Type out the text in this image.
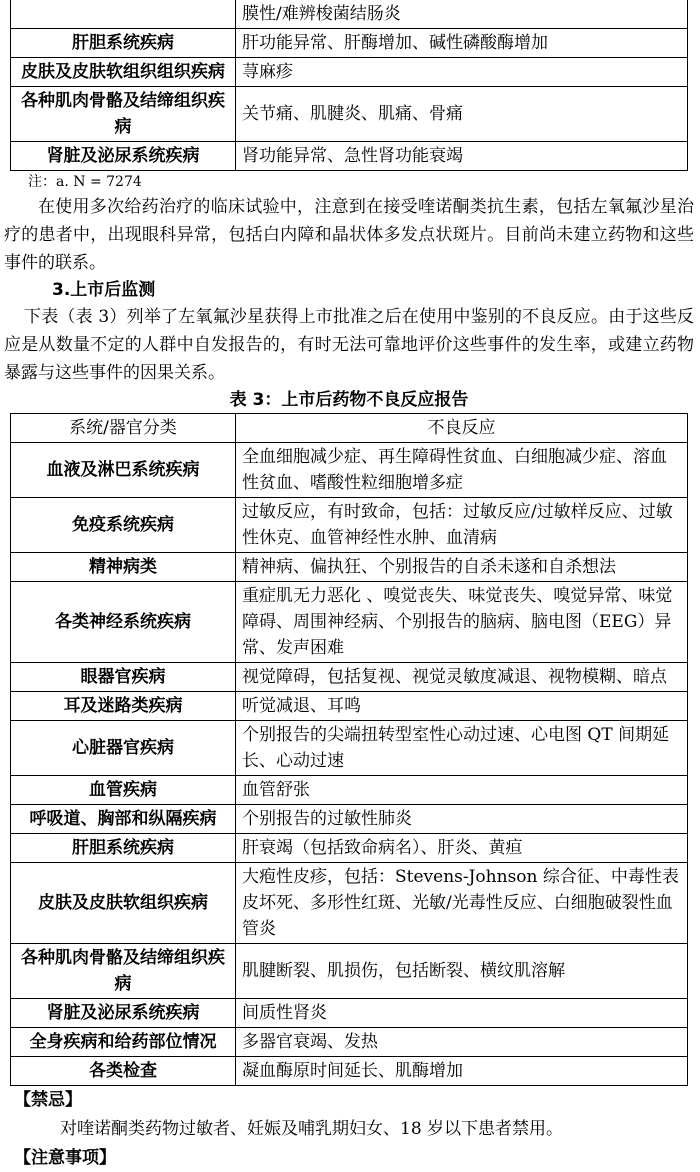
	膜性/难辨梭菌结肠炎
肝胆系统疾病	肝功能异常、肝酶增加、碱性磷酸酶增加
皮肤及皮肤软组织组织疾病	荨麻疹
各种肌肉骨骼及结缔组织疾病	关节痛、肌腱炎、肌痛、骨痛
肾脏及泌尿系统疾病	肾功能异常、急性肾功能衰竭

注：a. N = 7274

在使用多次给药治疗的临床试验中，注意到在接受喹诺酮类抗生素，包括左氧氟沙星治疗的患者中，出现眼科异常，包括白内障和晶状体多发点状斑片。目前尚未建立药物和这些事件的联系。

3.上市后监测

下表（表 3）列举了左氧氟沙星获得上市批准之后在使用中鉴别的不良反应。由于这些反应是从数量不定的人群中自发报告的，有时无法可靠地评价这些事件的发生率，或建立药物暴露与这些事件的因果关系。

表 3：上市后药物不良反应报告

系统/器官分类	不良反应
血液及淋巴系统疾病	全血细胞减少症、再生障碍性贫血、白细胞减少症、溶血性贫血、嗜酸性粒细胞增多症
免疫系统疾病	过敏反应，有时致命，包括：过敏反应/过敏样反应、过敏性休克、血管神经性水肿、血清病
精神病类	精神病、偏执狂、个别报告的自杀未遂和自杀想法
各类神经系统疾病	重症肌无力恶化 、嗅觉丧失、味觉丧失、嗅觉异常、味觉障碍、周围神经病、个别报告的脑病、脑电图（EEG）异常、发声困难
眼器官疾病	视觉障碍，包括复视、视觉灵敏度减退、视物模糊、暗点
耳及迷路类疾病	听觉减退、耳鸣
心脏器官疾病	个别报告的尖端扭转型室性心动过速、心电图 QT 间期延长、心动过速
血管疾病	血管舒张
呼吸道、胸部和纵隔疾病	个别报告的过敏性肺炎
肝胆系统疾病	肝衰竭（包括致命病名）、肝炎、黄疸
皮肤及皮肤软组织疾病	大疱性皮疹，包括：Stevens-Johnson 综合征、中毒性表皮坏死、多形性红斑、光敏/光毒性反应、白细胞破裂性血管炎
各种肌肉骨骼及结缔组织疾病	肌腱断裂、肌损伤，包括断裂、横纹肌溶解
肾脏及泌尿系统疾病	间质性肾炎
全身疾病和给药部位情况	多器官衰竭、发热
各类检查	凝血酶原时间延长、肌酶增加

【禁忌】

对喹诺酮类药物过敏者、妊娠及哺乳期妇女、18 岁以下患者禁用。

【注意事项】
